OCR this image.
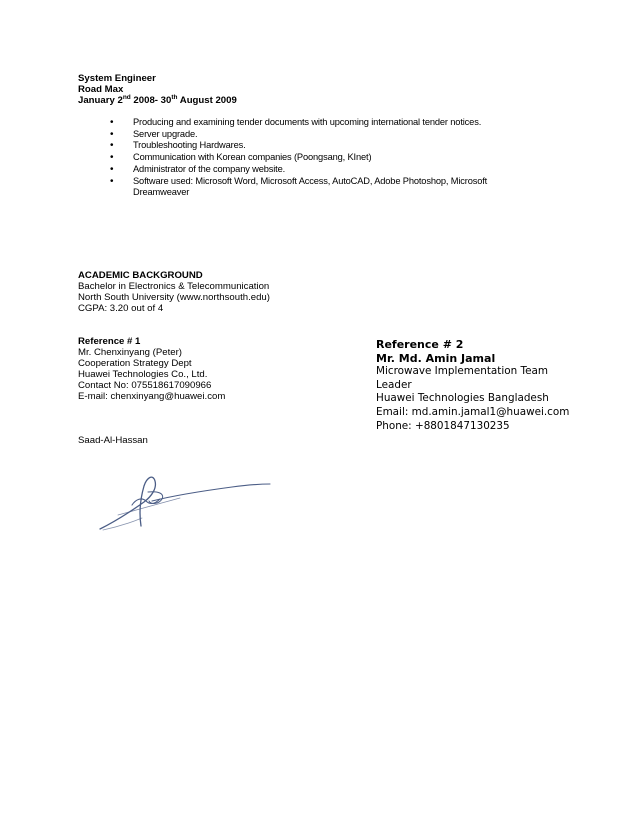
System Engineer
Road Max
January 2nd 2008- 30th August 2009
• Producing and examining tender documents with upcoming international tender notices.
• Server upgrade.
• Troubleshooting Hardwares.
• Communication with Korean companies (Poongsang, KInet)
• Administrator of the company website.
• Software used: Microsoft Word, Microsoft Access, AutoCAD, Adobe Photoshop, Microsoft Dreamweaver
ACADEMIC BACKGROUND
Bachelor in Electronics & Telecommunication
North South University (www.northsouth.edu)
CGPA: 3.20 out of 4
Reference # 1
Mr. Chenxinyang (Peter)
Cooperation Strategy Dept
Huawei Technologies Co., Ltd.
Contact No: 075518617090966
E-mail: chenxinyang@huawei.com
Reference # 2
Mr. Md. Amin Jamal
Microwave Implementation Team
Leader
Huawei Technologies Bangladesh
Email: md.amin.jamal1@huawei.com
Phone: +8801847130235
Saad-Al-Hassan
